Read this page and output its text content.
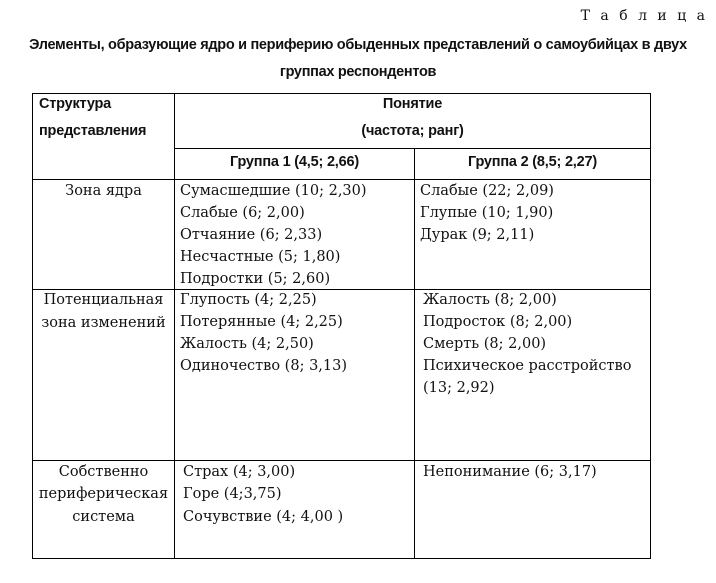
Т а б л и ц а
Элементы, образующие ядро и периферию обыденных представлений о самоубийцах в двух
группах респондентов
Структура
представления
Понятие
(частота; ранг)
Группа 1 (4,5; 2,66)	Группа 2 (8,5; 2,27)
Зона ядра	Сумасшедшие (10; 2,30)
Слабые (6; 2,00)
Отчаяние (6; 2,33)
Несчастные (5; 1,80)
Подростки (5; 2,60)
Слабые (22; 2,09)
Глупые (10; 1,90)
Дурак (9; 2,11)
Потенциальная
зона изменений
Глупость (4; 2,25)
Потерянные (4; 2,25)
Жалость (4; 2,50)
Одиночество (8; 3,13)
Жалость (8; 2,00)
Подросток (8; 2,00)
Смерть (8; 2,00)
Психическое расстройство
(13; 2,92)
Собственно
периферическая
система
Страх (4; 3,00)
Горе (4;3,75)
Сочувствие (4; 4,00 )
Непонимание (6; 3,17)
